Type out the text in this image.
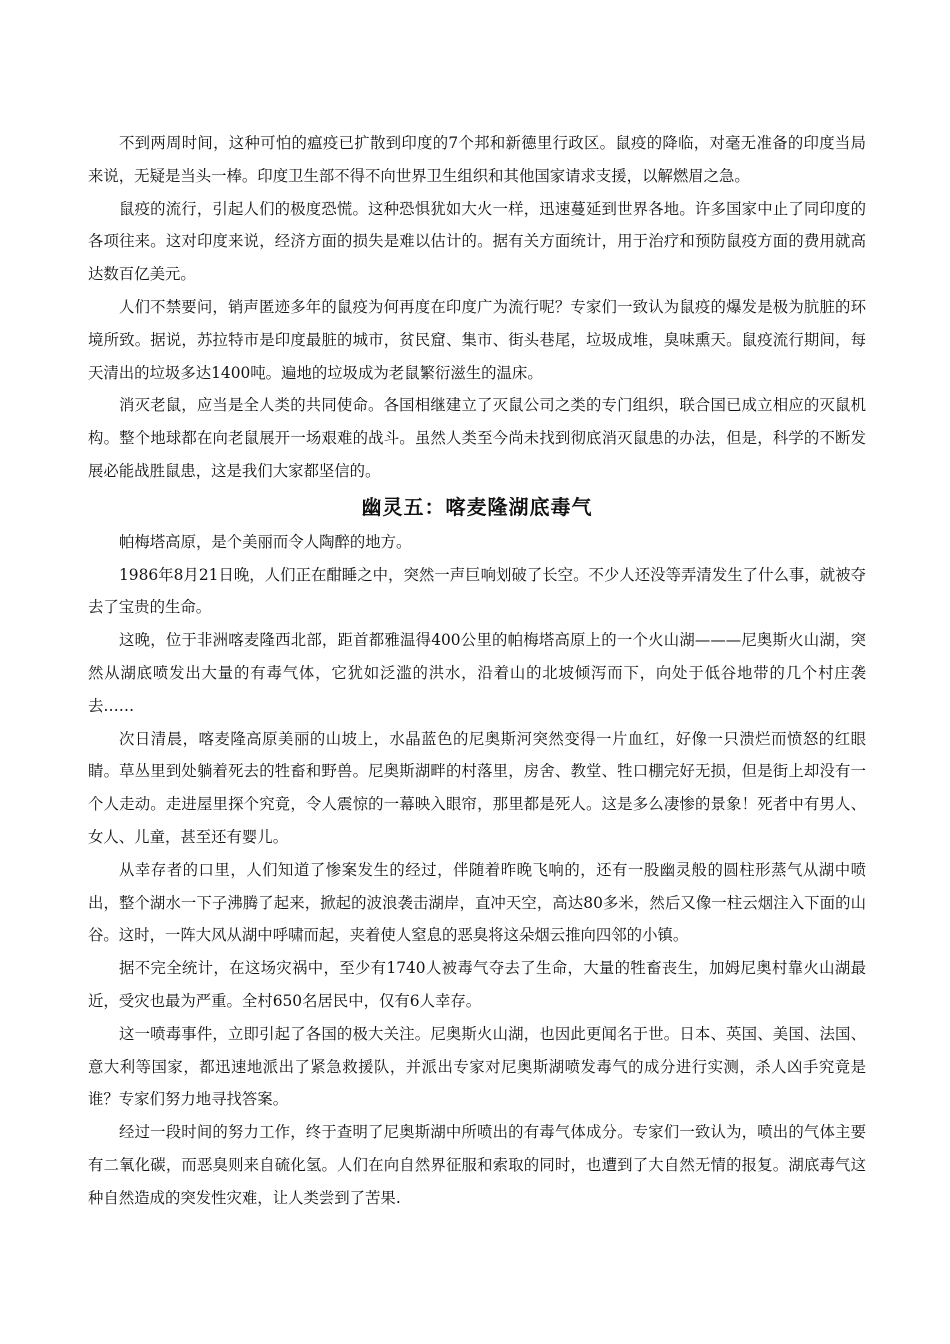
不到两周时间，这种可怕的瘟疫已扩散到印度的7个邦和新德里行政区。鼠疫的降临，对毫无准备的印度当局来说，无疑是当头一棒。印度卫生部不得不向世界卫生组织和其他国家请求支援，以解燃眉之急。

鼠疫的流行，引起人们的极度恐慌。这种恐惧犹如大火一样，迅速蔓延到世界各地。许多国家中止了同印度的各项往来。这对印度来说，经济方面的损失是难以估计的。据有关方面统计，用于治疗和预防鼠疫方面的费用就高达数百亿美元。

人们不禁要问，销声匿迹多年的鼠疫为何再度在印度广为流行呢？专家们一致认为鼠疫的爆发是极为肮脏的环境所致。据说，苏拉特市是印度最脏的城市，贫民窟、集市、街头巷尾，垃圾成堆，臭味熏天。鼠疫流行期间，每天清出的垃圾多达1400吨。遍地的垃圾成为老鼠繁衍滋生的温床。

消灭老鼠，应当是全人类的共同使命。各国相继建立了灭鼠公司之类的专门组织，联合国已成立相应的灭鼠机构。整个地球都在向老鼠展开一场艰难的战斗。虽然人类至今尚未找到彻底消灭鼠患的办法，但是，科学的不断发展必能战胜鼠患，这是我们大家都坚信的。

幽灵五：喀麦隆湖底毒气

帕梅塔高原，是个美丽而令人陶醉的地方。

1986年8月21日晚，人们正在酣睡之中，突然一声巨响划破了长空。不少人还没等弄清发生了什么事，就被夺去了宝贵的生命。

这晚，位于非洲喀麦隆西北部，距首都雅温得400公里的帕梅塔高原上的一个火山湖———尼奥斯火山湖，突然从湖底喷发出大量的有毒气体，它犹如泛滥的洪水，沿着山的北坡倾泻而下，向处于低谷地带的几个村庄袭去……

次日清晨，喀麦隆高原美丽的山坡上，水晶蓝色的尼奥斯河突然变得一片血红，好像一只溃烂而愤怒的红眼睛。草丛里到处躺着死去的牲畜和野兽。尼奥斯湖畔的村落里，房舍、教堂、牲口棚完好无损，但是街上却没有一个人走动。走进屋里探个究竟，令人震惊的一幕映入眼帘，那里都是死人。这是多么凄惨的景象！死者中有男人、女人、儿童，甚至还有婴儿。

从幸存者的口里，人们知道了惨案发生的经过，伴随着昨晚飞响的，还有一股幽灵般的圆柱形蒸气从湖中喷出，整个湖水一下子沸腾了起来，掀起的波浪袭击湖岸，直冲天空，高达80多米，然后又像一柱云烟注入下面的山谷。这时，一阵大风从湖中呼啸而起，夹着使人窒息的恶臭将这朵烟云推向四邻的小镇。

据不完全统计，在这场灾祸中，至少有1740人被毒气夺去了生命，大量的牲畜丧生，加姆尼奥村靠火山湖最近，受灾也最为严重。全村650名居民中，仅有6人幸存。

这一喷毒事件，立即引起了各国的极大关注。尼奥斯火山湖，也因此更闻名于世。日本、英国、美国、法国、意大利等国家，都迅速地派出了紧急救援队，并派出专家对尼奥斯湖喷发毒气的成分进行实测，杀人凶手究竟是谁？专家们努力地寻找答案。

经过一段时间的努力工作，终于查明了尼奥斯湖中所喷出的有毒气体成分。专家们一致认为，喷出的气体主要有二氧化碳，而恶臭则来自硫化氢。人们在向自然界征服和索取的同时，也遭到了大自然无情的报复。湖底毒气这种自然造成的突发性灾难，让人类尝到了苦果.
